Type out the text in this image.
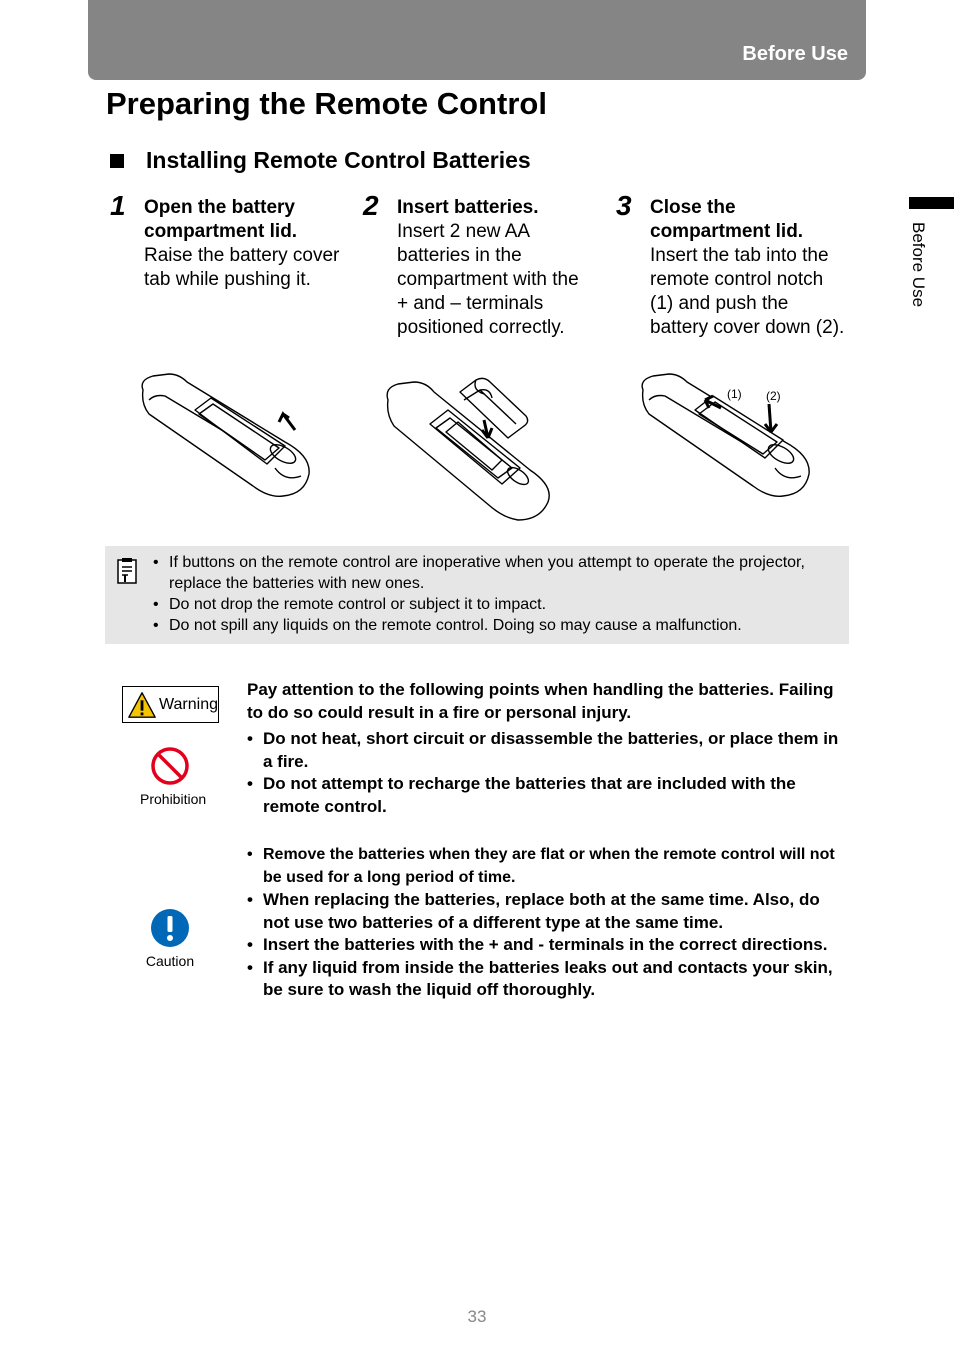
Before Use
Preparing the Remote Control
Installing Remote Control Batteries
Before Use
1 Open the battery compartment lid.
Raise the battery cover tab while pushing it.
2 Insert batteries.
Insert 2 new AA batteries in the compartment with the + and – terminals positioned correctly.
3 Close the compartment lid.
Insert the tab into the remote control notch (1) and push the battery cover down (2).
(1) (2)
• If buttons on the remote control are inoperative when you attempt to operate the projector, replace the batteries with new ones.
• Do not drop the remote control or subject it to impact.
• Do not spill any liquids on the remote control. Doing so may cause a malfunction.
Warning
Prohibition
Caution

Pay attention to the following points when handling the batteries. Failing to do so could result in a fire or personal injury.

• Do not heat, short circuit or disassemble the batteries, or place them in a fire.
• Do not attempt to recharge the batteries that are included with the remote control.
• Remove the batteries when they are flat or when the remote control will not be used for a long period of time.
• When replacing the batteries, replace both at the same time. Also, do not use two batteries of a different type at the same time.
• Insert the batteries with the + and - terminals in the correct directions.
• If any liquid from inside the batteries leaks out and contacts your skin, be sure to wash the liquid off thoroughly.
33
